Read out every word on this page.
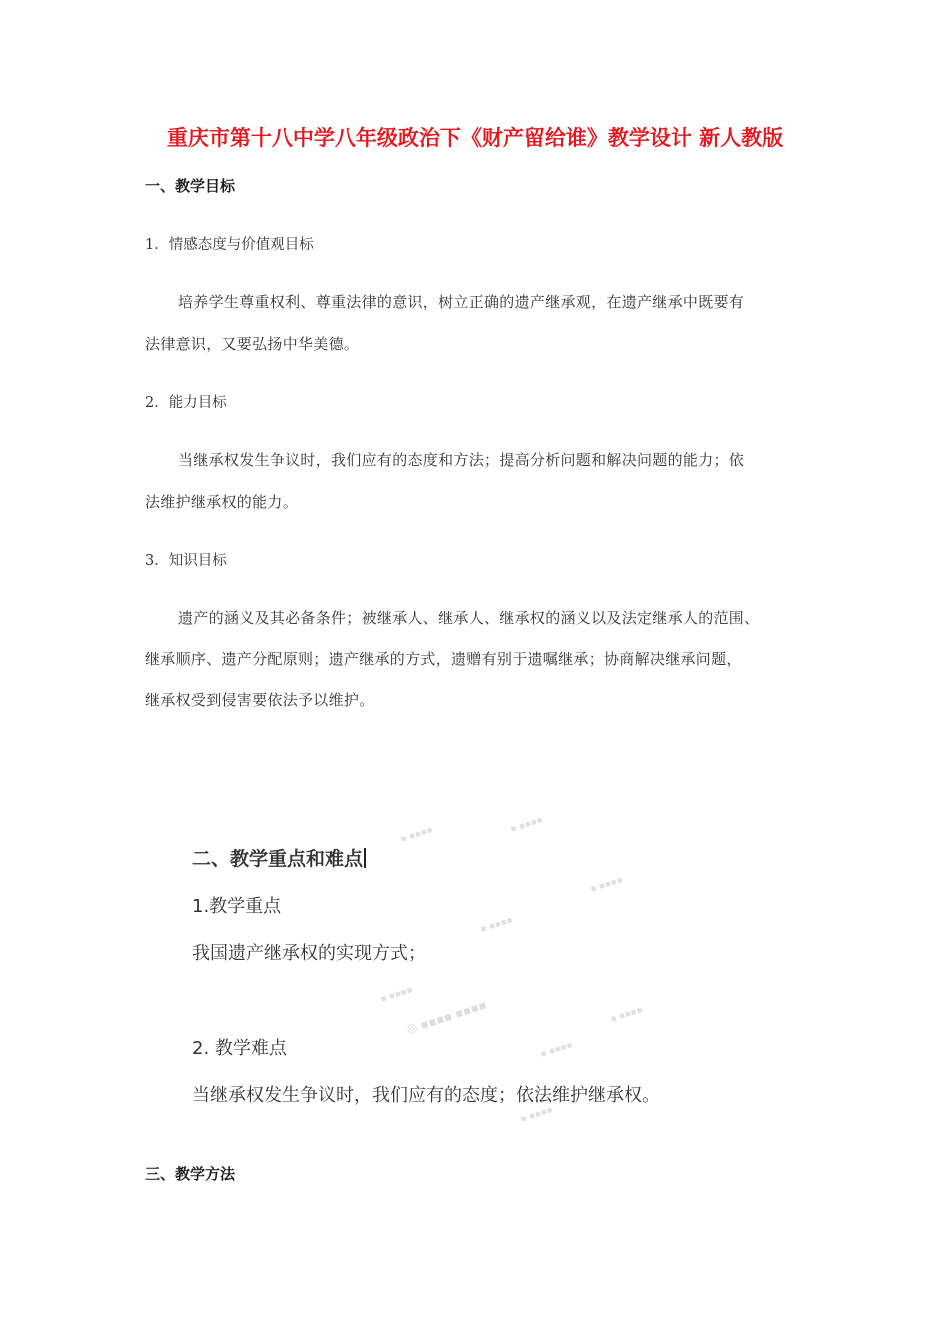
重庆市第十八中学八年级政治下《财产留给谁》教学设计 新人教版
一、教学目标
1．情感态度与价值观目标
培养学生尊重权利、尊重法律的意识，树立正确的遗产继承观，在遗产继承中既要有
法律意识，又要弘扬中华美德。
2．能力目标
当继承权发生争议时，我们应有的态度和方法；提高分析问题和解决问题的能力；依
法维护继承权的能力。
3．知识目标
遗产的涵义及其必备条件；被继承人、继承人、继承权的涵义以及法定继承人的范围、
继承顺序、遗产分配原则；遗产继承的方式，遗赠有别于遗嘱继承；协商解决继承问题，
继承权受到侵害要依法予以维护。
▪ ▪▪▪▪
▪ ▪▪▪▪
▪ ▪▪▪▪
▪ ▪▪▪▪
▪ ▪▪▪▪
◎ ▪▪▪▪ ▪▪▪▪
▪ ▪▪▪▪
▪ ▪▪▪▪
▪ ▪▪▪▪
二、教学重点和难点
1.教学重点
我国遗产继承权的实现方式；
2. 教学难点
当继承权发生争议时，我们应有的态度；依法维护继承权。
三、教学方法
